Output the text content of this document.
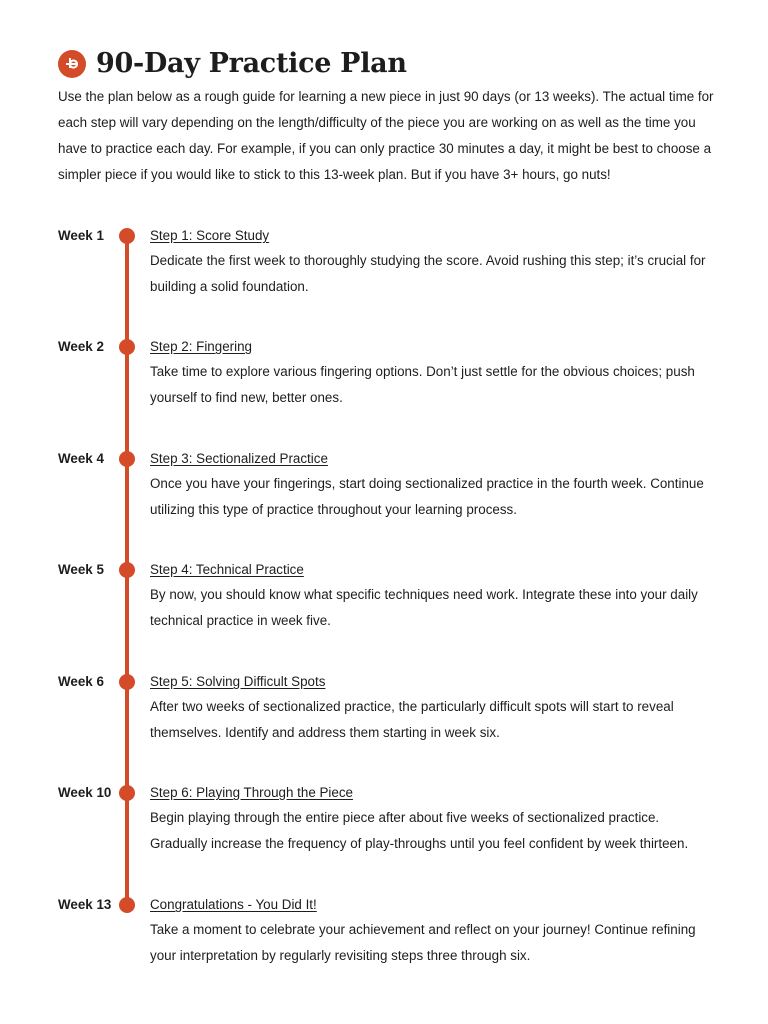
90-Day Practice Plan

Use the plan below as a rough guide for learning a new piece in just 90 days (or 13 weeks). The actual time for each step will vary depending on the length/difficulty of the piece you are working on as well as the time you have to practice each day. For example, if you can only practice 30 minutes a day, it might be best to choose a simpler piece if you would like to stick to this 13-week plan. But if you have 3+ hours, go nuts!

Week 1	Step 1: Score Study

Dedicate the first week to thoroughly studying the score. Avoid rushing this step; it’s crucial for building a solid foundation.

Week 2	Step 2: Fingering

Take time to explore various fingering options. Don’t just settle for the obvious choices; push yourself to find new, better ones.

Week 4	Step 3: Sectionalized Practice

Once you have your fingerings, start doing sectionalized practice in the fourth week. Continue utilizing this type of practice throughout your learning process.

Week 5	Step 4: Technical Practice

By now, you should know what specific techniques need work. Integrate these into your daily technical practice in week five.

Week 6	Step 5: Solving Difficult Spots

After two weeks of sectionalized practice, the particularly difficult spots will start to reveal themselves. Identify and address them starting in week six.

Week 10	Step 6: Playing Through the Piece

Begin playing through the entire piece after about five weeks of sectionalized practice. Gradually increase the frequency of play-throughs until you feel confident by week thirteen.

Week 13	Congratulations - You Did It!

Take a moment to celebrate your achievement and reflect on your journey! Continue refining your interpretation by regularly revisiting steps three through six.
